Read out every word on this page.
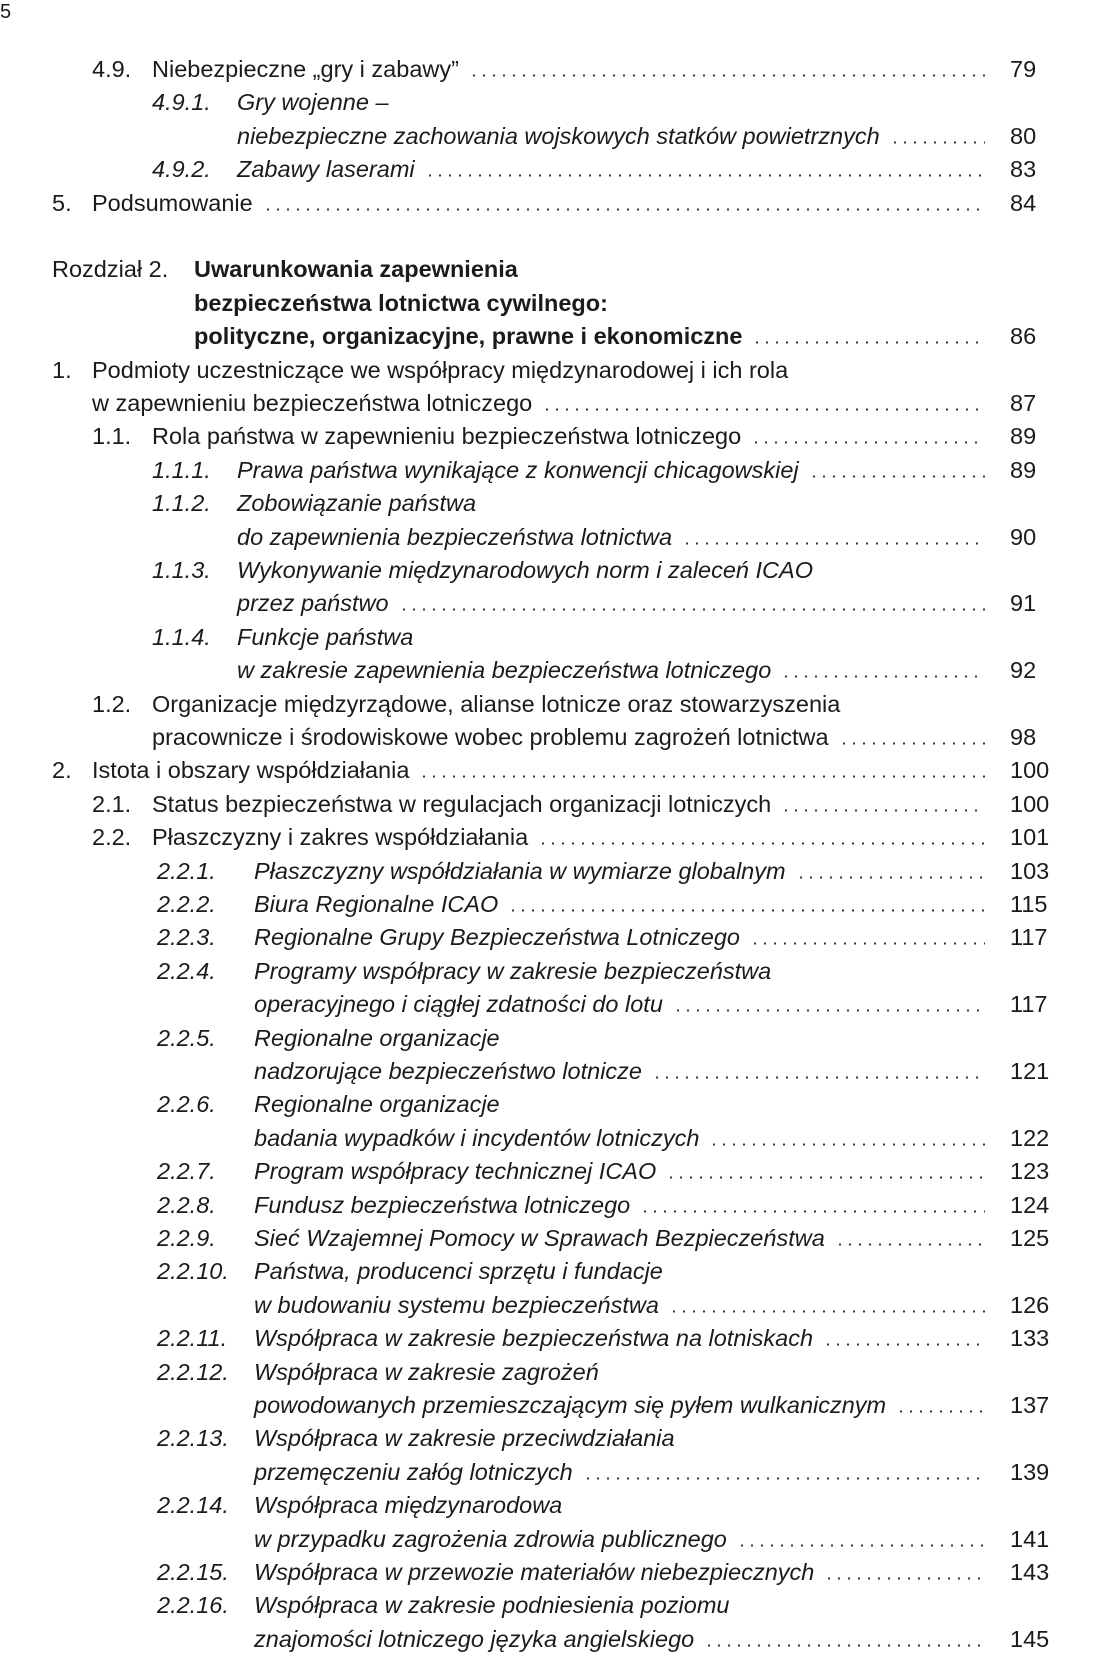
5
4.9. Niebezpieczne „gry i zabawy”	79
4.9.1. Gry wojenne –
niebezpieczne zachowania wojskowych statków powietrznych	80
4.9.2. Zabawy laserami	83
5. Podsumowanie	84
Rozdział 2. Uwarunkowania zapewnienia
bezpieczeństwa lotnictwa cywilnego:
polityczne, organizacyjne, prawne i ekonomiczne	86
1. Podmioty uczestniczące we współpracy międzynarodowej i ich rola
w zapewnieniu bezpieczeństwa lotniczego	87
1.1. Rola państwa w zapewnieniu bezpieczeństwa lotniczego	89
1.1.1. Prawa państwa wynikające z konwencji chicagowskiej	89
1.1.2. Zobowiązanie państwa
do zapewnienia bezpieczeństwa lotnictwa	90
1.1.3. Wykonywanie międzynarodowych norm i zaleceń ICAO
przez państwo	91
1.1.4. Funkcje państwa
w zakresie zapewnienia bezpieczeństwa lotniczego	92
1.2. Organizacje międzyrządowe, alianse lotnicze oraz stowarzyszenia
pracownicze i środowiskowe wobec problemu zagrożeń lotnictwa	98
2. Istota i obszary współdziałania	100
2.1. Status bezpieczeństwa w regulacjach organizacji lotniczych	100
2.2. Płaszczyzny i zakres współdziałania	101
2.2.1. Płaszczyzny współdziałania w wymiarze globalnym	103
2.2.2. Biura Regionalne ICAO	115
2.2.3. Regionalne Grupy Bezpieczeństwa Lotniczego	117
2.2.4. Programy współpracy w zakresie bezpieczeństwa
operacyjnego i ciągłej zdatności do lotu	117
2.2.5. Regionalne organizacje
nadzorujące bezpieczeństwo lotnicze	121
2.2.6. Regionalne organizacje
badania wypadków i incydentów lotniczych	122
2.2.7. Program współpracy technicznej ICAO	123
2.2.8. Fundusz bezpieczeństwa lotniczego	124
2.2.9. Sieć Wzajemnej Pomocy w Sprawach Bezpieczeństwa	125
2.2.10. Państwa, producenci sprzętu i fundacje
w budowaniu systemu bezpieczeństwa	126
2.2.11. Współpraca w zakresie bezpieczeństwa na lotniskach	133
2.2.12. Współpraca w zakresie zagrożeń
powodowanych przemieszczającym się pyłem wulkanicznym	137
2.2.13. Współpraca w zakresie przeciwdziałania
przemęczeniu załóg lotniczych	139
2.2.14. Współpraca międzynarodowa
w przypadku zagrożenia zdrowia publicznego	141
2.2.15. Współpraca w przewozie materiałów niebezpiecznych	143
2.2.16. Współpraca w zakresie podniesienia poziomu
znajomości lotniczego języka angielskiego	145
